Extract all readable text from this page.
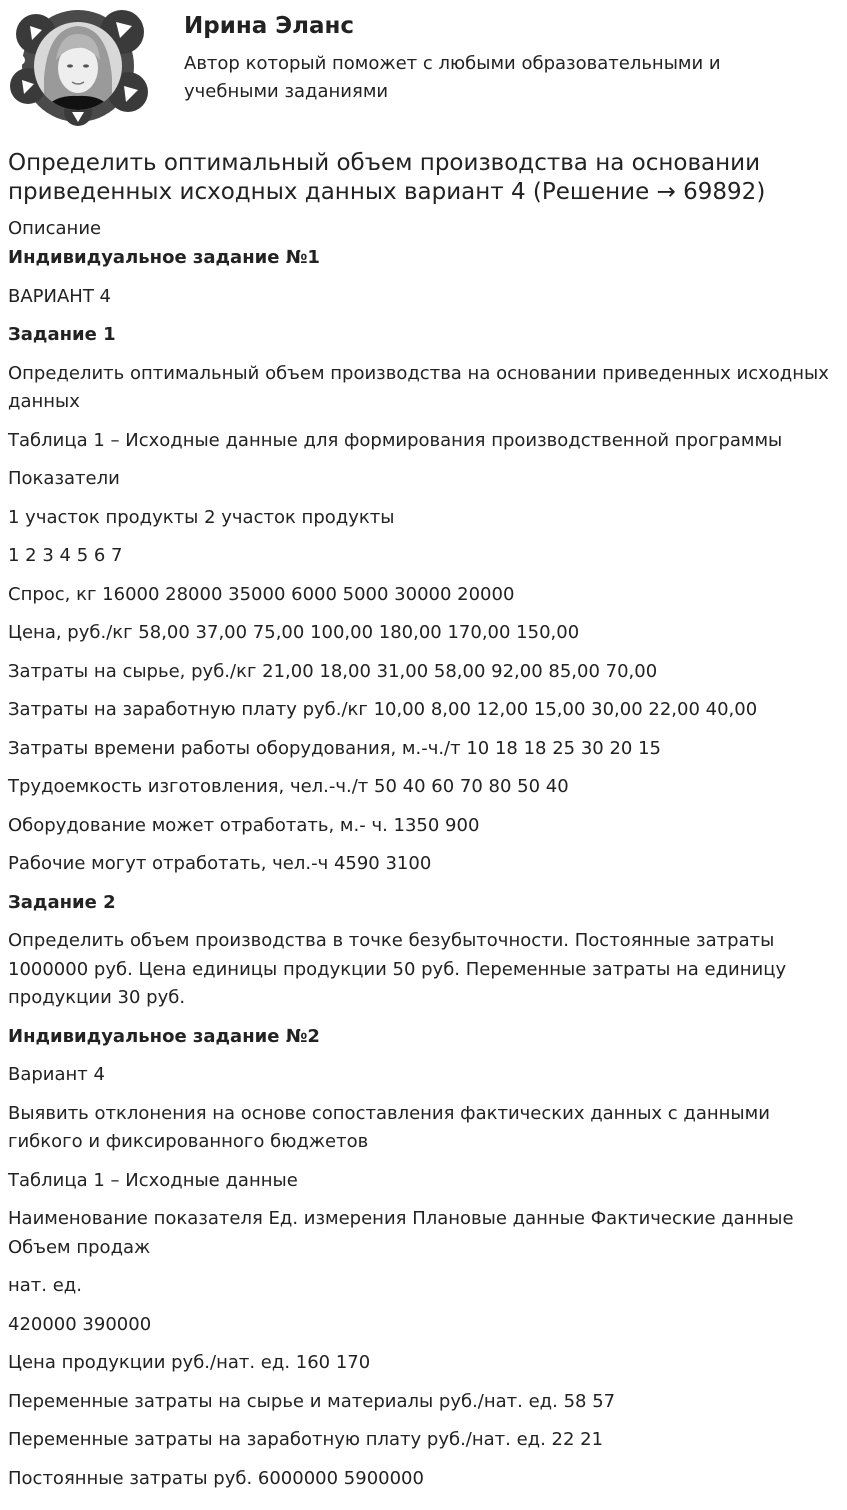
Ирина Эланс
Автор который поможет с любыми образовательными и учебными заданиями
Определить оптимальный объем производства на основании приведенных исходных данных вариант 4 (Решение → 69892)
Описание

Индивидуальное задание №1

ВАРИАНТ 4

Задание 1

Определить оптимальный объем производства на основании приведенных исходных данных

Таблица 1 – Исходные данные для формирования производственной программы

Показатели

1 участок продукты 2 участок продукты

1 2 3 4 5 6 7

Спрос, кг 16000 28000 35000 6000 5000 30000 20000

Цена, руб./кг 58,00 37,00 75,00 100,00 180,00 170,00 150,00

Затраты на сырье, руб./кг 21,00 18,00 31,00 58,00 92,00 85,00 70,00

Затраты на заработную плату руб./кг 10,00 8,00 12,00 15,00 30,00 22,00 40,00

Затраты времени работы оборудования, м.-ч./т 10 18 18 25 30 20 15

Трудоемкость изготовления, чел.-ч./т 50 40 60 70 80 50 40

Оборудование может отработать, м.- ч. 1350 900

Рабочие могут отработать, чел.-ч 4590 3100

Задание 2

Определить объем производства в точке безубыточности. Постоянные затраты 1000000 руб. Цена единицы продукции 50 руб. Переменные затраты на единицу продукции 30 руб.

Индивидуальное задание №2

Вариант 4

Выявить отклонения на основе сопоставления фактических данных с данными гибкого и фиксированного бюджетов

Таблица 1 – Исходные данные

Наименование показателя Ед. измерения Плановые данные Фактические данные Объем продаж

нат. ед.

420000 390000

Цена продукции руб./нат. ед. 160 170

Переменные затраты на сырье и материалы руб./нат. ед. 58 57

Переменные затраты на заработную плату руб./нат. ед. 22 21

Постоянные затраты руб. 6000000 5900000
